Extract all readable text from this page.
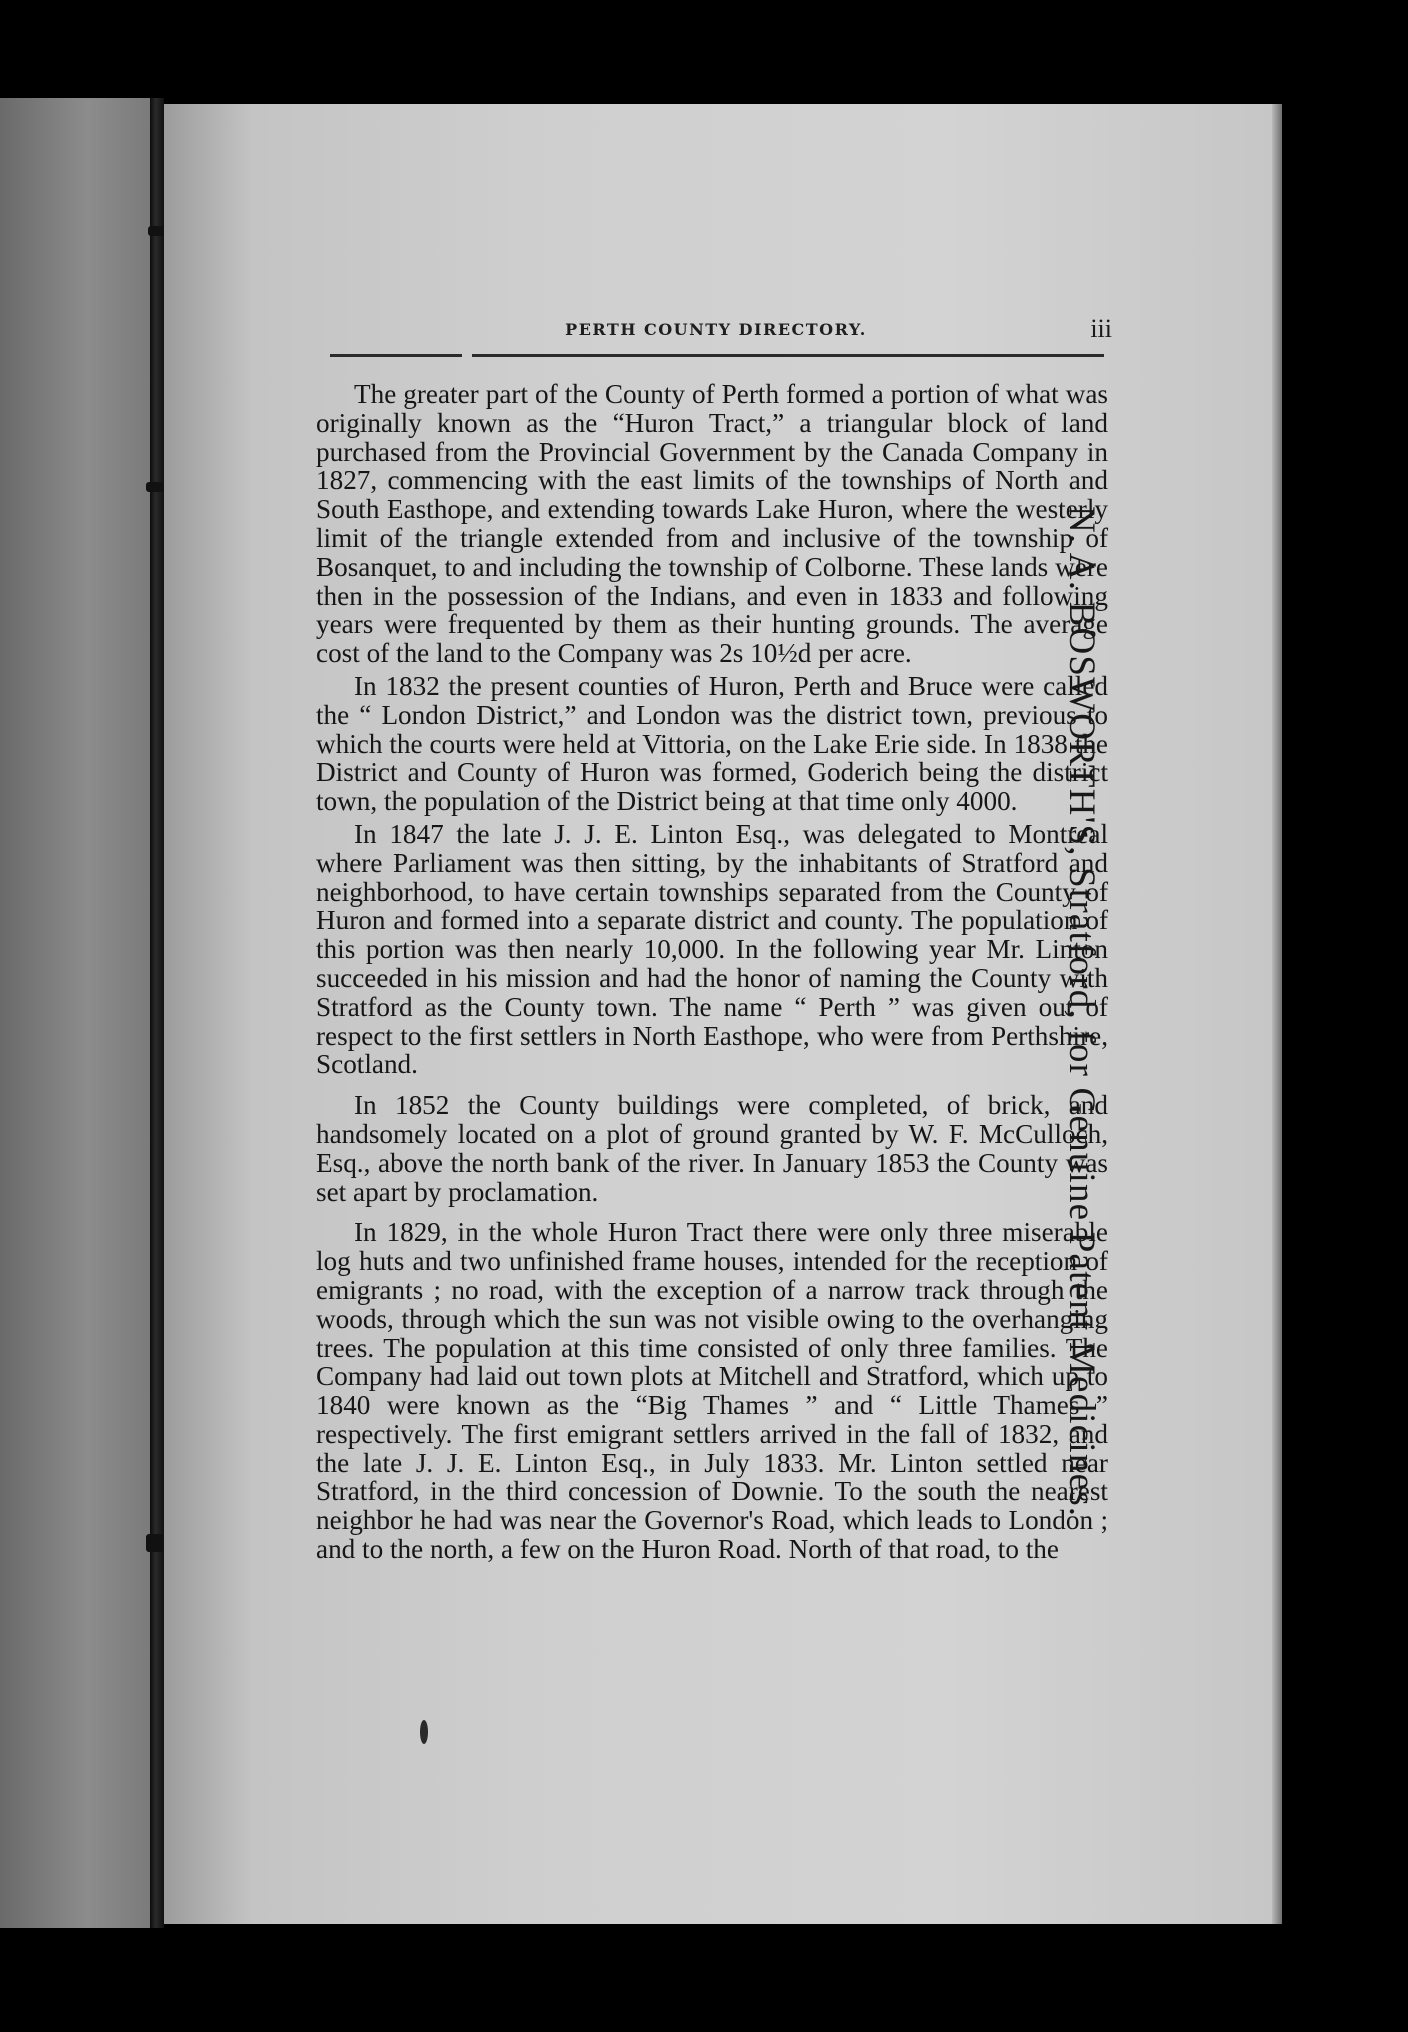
PERTH COUNTY DIRECTORY.	iii

The greater part of the County of Perth formed a portion of what was originally known as the “Huron Tract,” a triangular block of land purchased from the Provincial Government by the Canada Company in 1827, commencing with the east limits of the townships of North and South Easthope, and extending towards Lake Huron, where the westerly limit of the triangle extended from and inclusive of the township of Bosanquet, to and including the township of Colborne. These lands were then in the possession of the Indians, and even in 1833 and following years were frequented by them as their hunting grounds. The average cost of the land to the Company was 2s 10½d per acre.

In 1832 the present counties of Huron, Perth and Bruce were called the “ London District,” and London was the district town, previous to which the courts were held at Vittoria, on the Lake Erie side. In 1838 the District and County of Huron was formed, Goderich being the district town, the population of the District being at that time only 4000.

In 1847 the late J. J. E. Linton Esq., was delegated to Montreal where Parliament was then sitting, by the inhabitants of Stratford and neighborhood, to have certain townships separated from the County of Huron and formed into a separate district and county. The population of this portion was then nearly 10,000. In the following year Mr. Linton succeeded in his mission and had the honor of naming the County with Stratford as the County town. The name “ Perth ” was given out of respect to the first settlers in North Easthope, who were from Perthshire, Scotland.

In 1852 the County buildings were completed, of brick, and handsomely located on a plot of ground granted by W. F. McCulloch, Esq., above the north bank of the river. In January 1853 the County was set apart by proclamation.

In 1829, in the whole Huron Tract there were only three miserable log huts and two unfinished frame houses, intended for the reception of emigrants ; no road, with the exception of a narrow track through the woods, through which the sun was not visible owing to the overhanging trees. The population at this time consisted of only three families. The Company had laid out town plots at Mitchell and Stratford, which up to 1840 were known as the “Big Thames ” and “ Little Thames ” respectively. The first emigrant settlers arrived in the fall of 1832, and the late J. J. E. Linton Esq., in July 1833. Mr. Linton settled near Stratford, in the third concession of Downie. To the south the nearest neighbor he had was near the Governor's Road, which leads to London ; and to the north, a few on the Huron Road. North of that road, to the

N. A. BOSWORTH'S, Stratford, for Genuine Patent Medicines.
